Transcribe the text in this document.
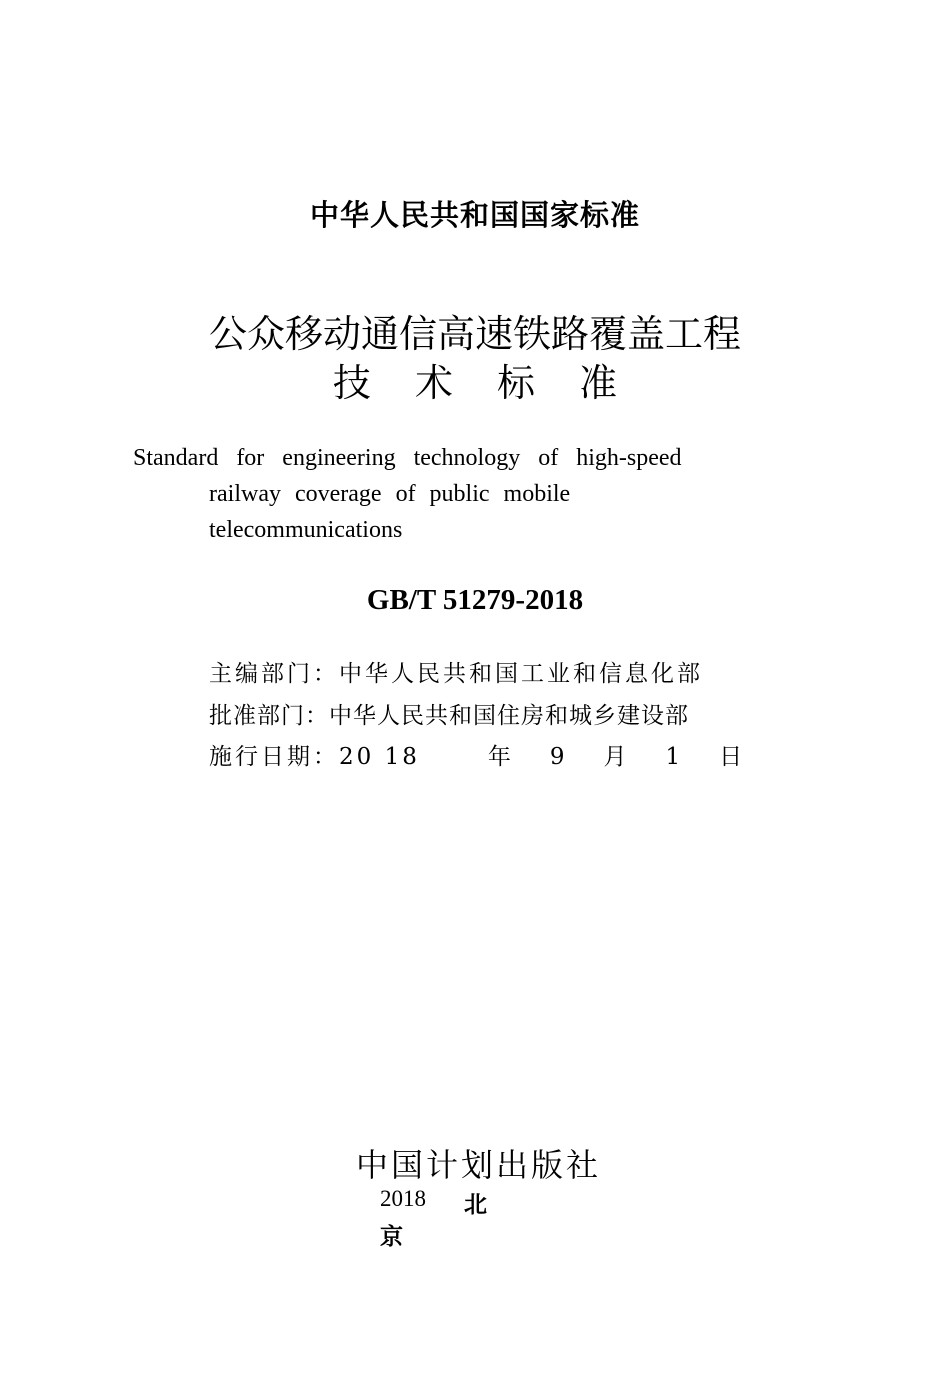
中华人民共和国国家标准
公众移动通信高速铁路覆盖工程
技 术 标 准
Standard for engineering technology of high-speed
railway coverage of public mobile
telecommunications
GB/T 51279-2018
主编部门：中华人民共和国工业和信息化部
批准部门：中华人民共和国住房和城乡建设部
施行日期：20 18	年 9 月 1 日
中国计划出版社
2018 北
京
